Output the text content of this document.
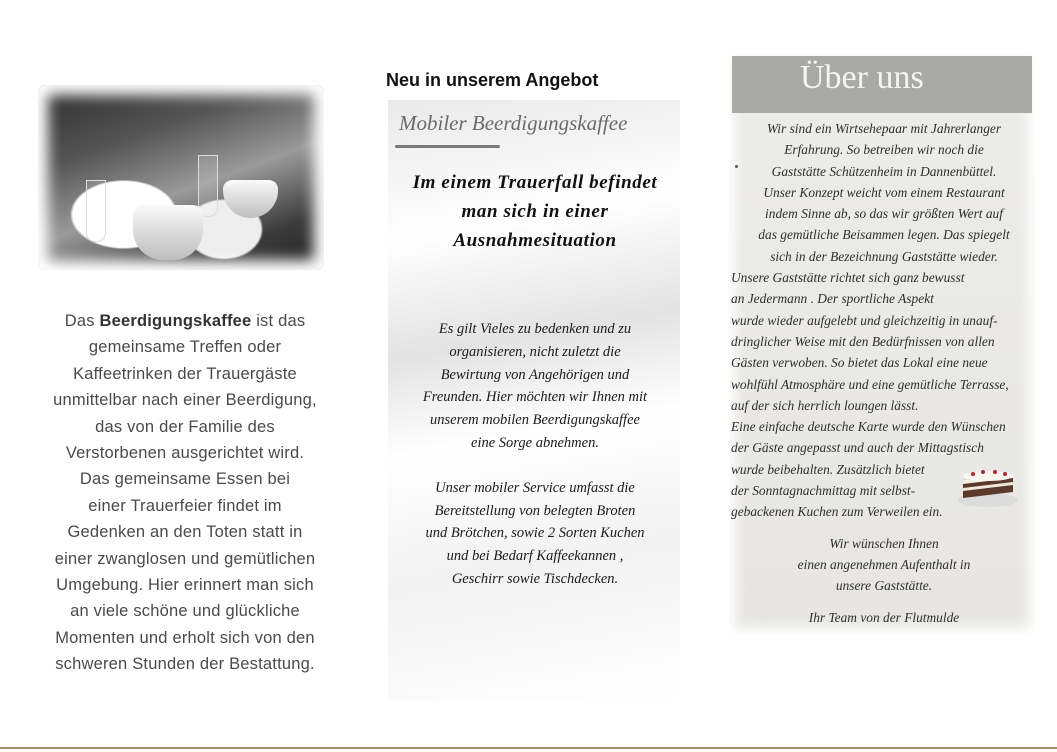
Das Beerdigungskaffee ist das
gemeinsame Treffen oder
Kaffeetrinken der Trauergäste
unmittelbar nach einer Beerdigung,
das von der Familie des
Verstorbenen ausgerichtet wird.
Das gemeinsame Essen bei
einer Trauerfeier findet im
Gedenken an den Toten statt in
einer zwanglosen und gemütlichen
Umgebung. Hier erinnert man sich
an viele schöne und glückliche
Momenten und erholt sich von den
schweren Stunden der Bestattung.
Neu in unserem Angebot
Mobiler Beerdigungskaffee
Im einem Trauerfall befindet
man sich in einer
Ausnahmesituation
Es gilt Vieles zu bedenken und zu
organisieren, nicht zuletzt die
Bewirtung von Angehörigen und
Freunden. Hier möchten wir Ihnen mit
unserem mobilen Beerdigungskaffee
eine Sorge abnehmen.
Unser mobiler Service umfasst die
Bereitstellung von belegten Broten
und Brötchen, sowie 2 Sorten Kuchen
und bei Bedarf Kaffeekannen ,
Geschirr sowie Tischdecken.
Über uns
Wir sind ein Wirtsehepaar mit Jahrerlanger
Erfahrung. So betreiben wir noch die
Gaststätte Schützenheim in Dannenbüttel.
Unser Konzept weicht vom einem Restaurant
indem Sinne ab, so das wir größten Wert auf
das gemütliche Beisammen legen. Das spiegelt
sich in der Bezeichnung Gaststätte wieder.
Unsere Gaststätte richtet sich ganz bewusst
an Jedermann . Der sportliche Aspekt
wurde wieder aufgelebt und gleichzeitig in unauf-
dringlicher Weise mit den Bedürfnissen von allen
Gästen verwoben. So bietet das Lokal eine neue
wohlfühl Atmosphäre und eine gemütliche Terrasse,
auf der sich herrlich loungen lässt.
Eine einfache deutsche Karte wurde den Wünschen
der Gäste angepasst und auch der Mittagstisch
wurde beibehalten. Zusätzlich bietet
der Sonntagnachmittag mit selbst-
gebackenen Kuchen zum Verweilen ein.
Wir wünschen Ihnen
einen angenehmen Aufenthalt in
unsere Gaststätte.
Ihr Team von der Flutmulde
